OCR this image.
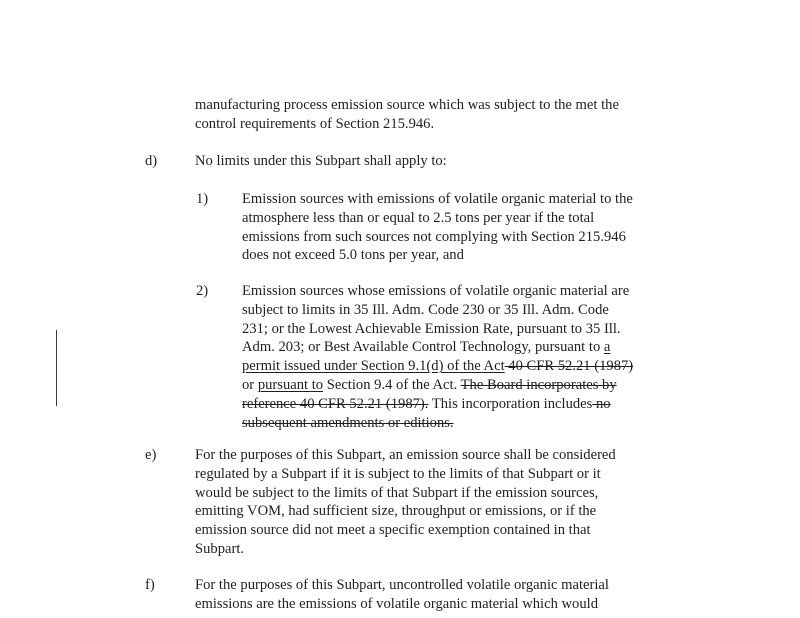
manufacturing process emission source which was subject to the met the
control requirements of Section 215.946.
d)	No limits under this Subpart shall apply to:
1) Emission sources with emissions of volatile organic material to the
atmosphere less than or equal to 2.5 tons per year if the total
emissions from such sources not complying with Section 215.946
does not exceed 5.0 tons per year, and
2) Emission sources whose emissions of volatile organic material are
subject to limits in 35 Ill. Adm. Code 230 or 35 Ill. Adm. Code
231; or the Lowest Achievable Emission Rate, pursuant to 35 Ill.
Adm. 203; or Best Available Control Technology, pursuant to a
permit issued under Section 9.1(d) of the Act 40 CFR 52.21 (1987)
or pursuant to Section 9.4 of the Act. The Board incorporates by
reference 40 CFR 52.21 (1987). This incorporation includes no
subsequent amendments or editions.
e)	For the purposes of this Subpart, an emission source shall be considered
regulated by a Subpart if it is subject to the limits of that Subpart or it
would be subject to the limits of that Subpart if the emission sources,
emitting VOM, had sufficient size, throughput or emissions, or if the
emission source did not meet a specific exemption contained in that
Subpart.
f)	For the purposes of this Subpart, uncontrolled volatile organic material
emissions are the emissions of volatile organic material which would
